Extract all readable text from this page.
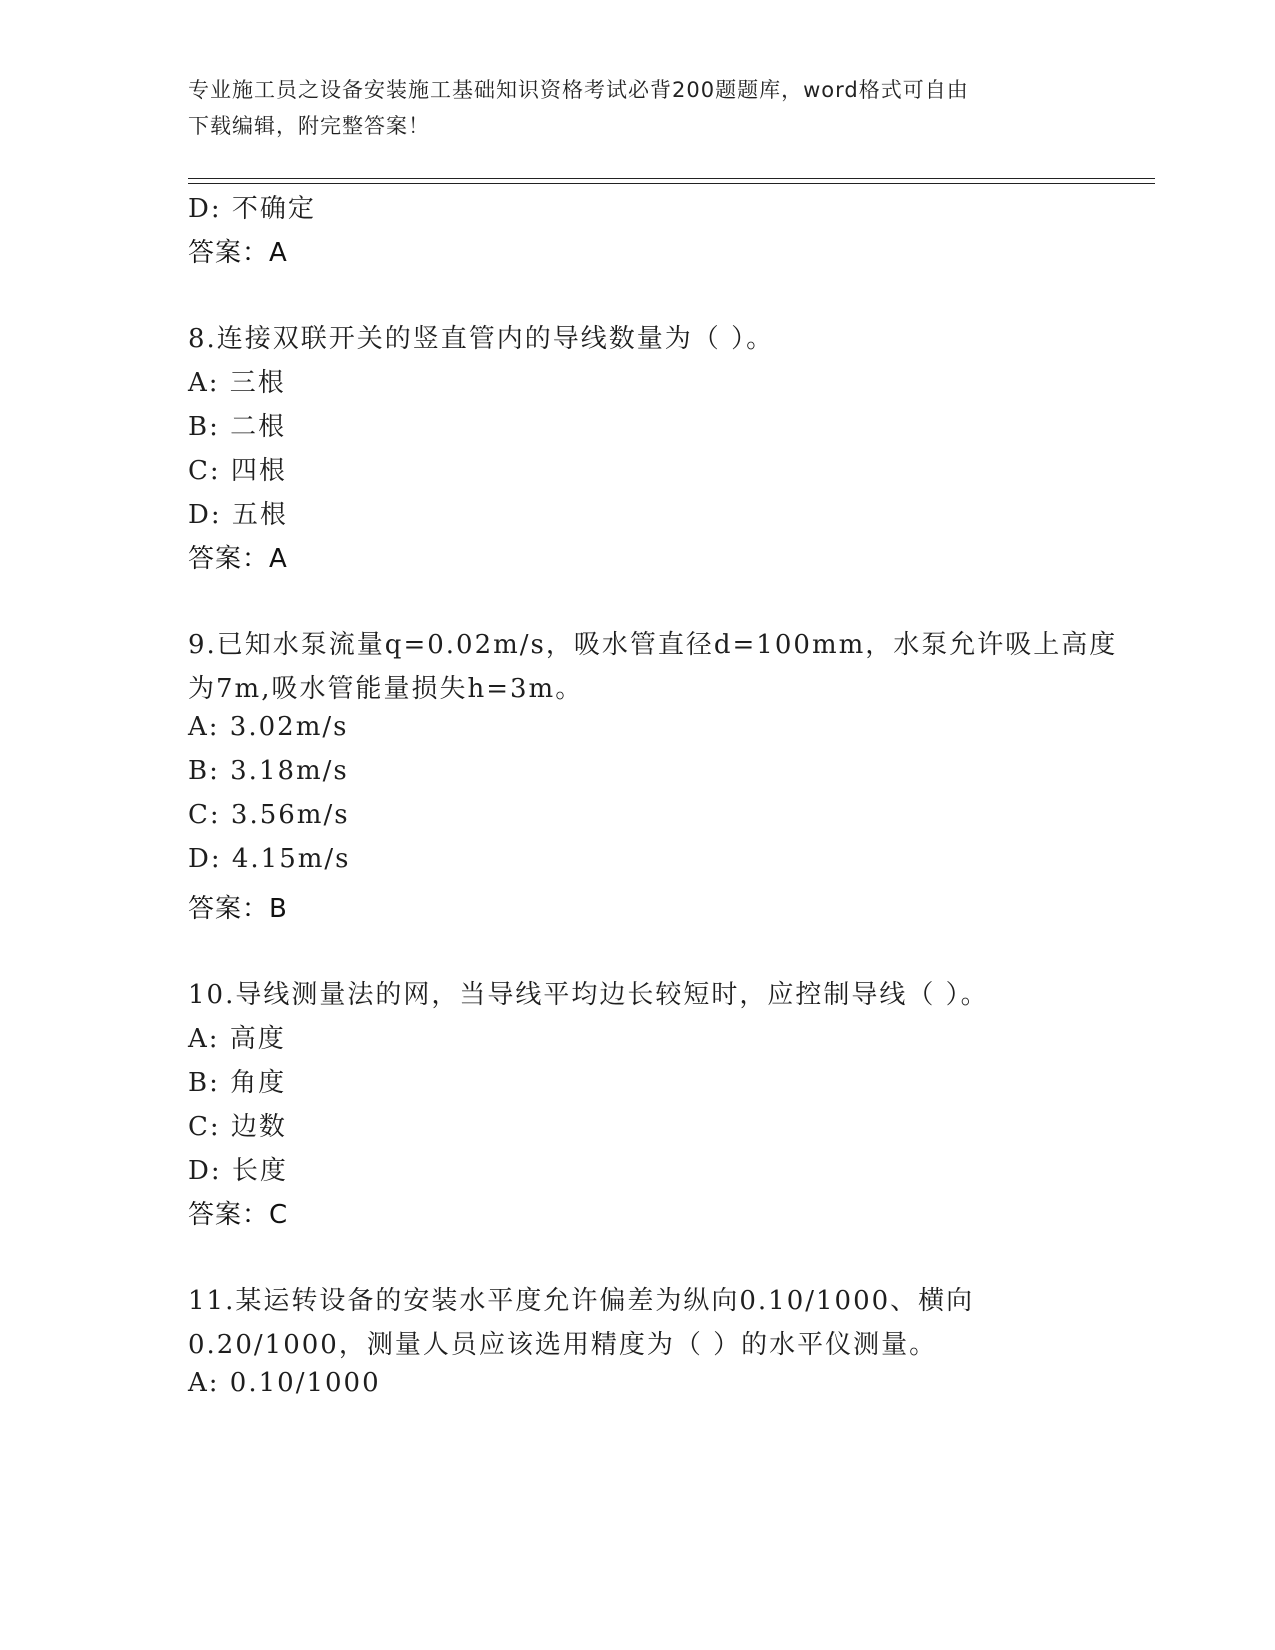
专业施工员之设备安装施工基础知识资格考试必背200题题库，word格式可自由
下载编辑，附完整答案！
D: 不确定
答案：A
8.连接双联开关的竖直管内的导线数量为（ ）。
A: 三根
B: 二根
C: 四根
D: 五根
答案：A
9.已知水泵流量q=0.02m/s，吸水管直径d=100mm，水泵允许吸上高度
为7m,吸水管能量损失h=3m。
A: 3.02m/s
B: 3.18m/s
C: 3.56m/s
D: 4.15m/s
答案：B
10.导线测量法的网，当导线平均边长较短时，应控制导线（ ）。
A: 高度
B: 角度
C: 边数
D: 长度
答案：C
11.某运转设备的安装水平度允许偏差为纵向0.10/1000、横向
0.20/1000，测量人员应该选用精度为（ ）的水平仪测量。
A: 0.10/1000
